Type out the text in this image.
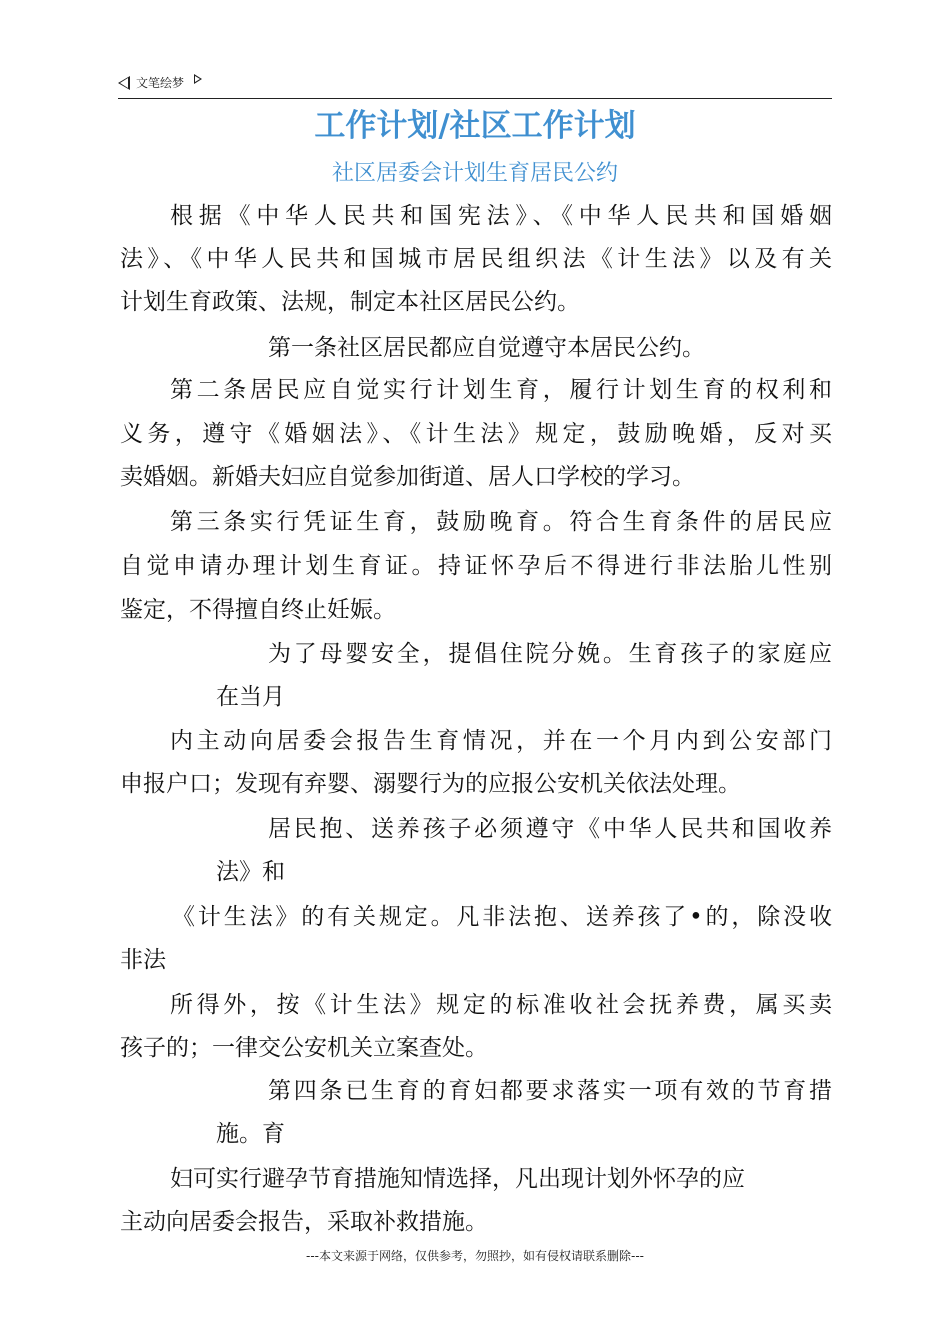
文笔绘梦
工作计划/社区工作计划
社区居委会计划生育居民公约
根据《中华人民共和国宪法》、《中华人民共和国婚姻
法》、《中华人民共和国城市居民组织法《计生法》以及有关
计划生育政策、法规，制定本社区居民公约。
第一条社区居民都应自觉遵守本居民公约。
第二条居民应自觉实行计划生育，履行计划生育的权利和
义务，遵守《婚姻法》、《计生法》规定，鼓励晚婚，反对买
卖婚姻。新婚夫妇应自觉参加街道、居人口学校的学习。
第三条实行凭证生育，鼓励晚育。符合生育条件的居民应
自觉申请办理计划生育证。持证怀孕后不得进行非法胎儿性别
鉴定，不得擅自终止妊娠。
为了母婴安全，提倡住院分娩。生育孩子的家庭应
在当月
内主动向居委会报告生育情况，并在一个月内到公安部门
申报户口；发现有弃婴、溺婴行为的应报公安机关依法处理。
居民抱、送养孩子必须遵守《中华人民共和国收养
法》和
《计生法》的有关规定。凡非法抱、送养孩了•的，除没收
非法
所得外，按《计生法》规定的标准收社会抚养费，属买卖
孩子的；一律交公安机关立案查处。
第四条已生育的育妇都要求落实一项有效的节育措
施。育
妇可实行避孕节育措施知情选择，凡出现计划外怀孕的应
主动向居委会报告，采取补救措施。
---本文来源于网络，仅供参考，勿照抄，如有侵权请联系删除---
